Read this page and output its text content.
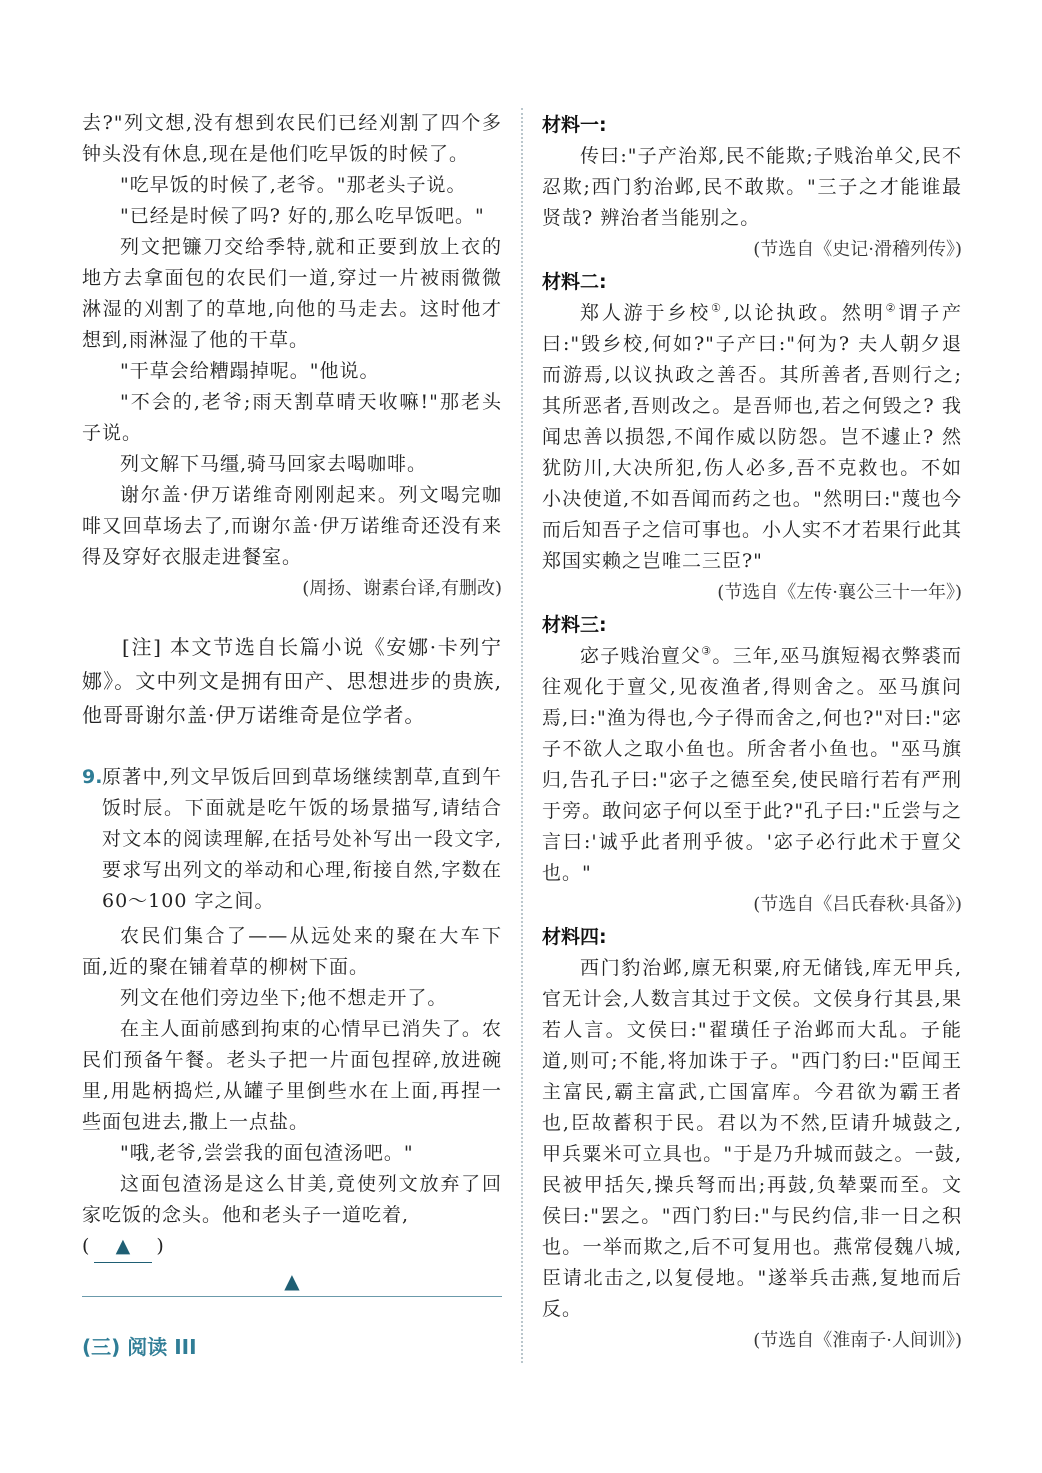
去?"列文想,没有想到农民们已经刈割了四个多钟头没有休息,现在是他们吃早饭的时候了。

"吃早饭的时候了,老爷。"那老头子说。

"已经是时候了吗? 好的,那么吃早饭吧。"

列文把镰刀交给季特,就和正要到放上衣的地方去拿面包的农民们一道,穿过一片被雨微微淋湿的刈割了的草地,向他的马走去。这时他才想到,雨淋湿了他的干草。

"干草会给糟蹋掉呢。"他说。

"不会的,老爷;雨天割草晴天收嘛!"那老头子说。

列文解下马缰,骑马回家去喝咖啡。

谢尔盖·伊万诺维奇刚刚起来。列文喝完咖啡又回草场去了,而谢尔盖·伊万诺维奇还没有来得及穿好衣服走进餐室。

(周扬、谢素台译,有删改)

[注] 本文节选自长篇小说《安娜·卡列宁娜》。文中列文是拥有田产、思想进步的贵族,他哥哥谢尔盖·伊万诺维奇是位学者。

9. 原著中,列文早饭后回到草场继续割草,直到午饭时辰。下面就是吃午饭的场景描写,请结合对文本的阅读理解,在括号处补写出一段文字,要求写出列文的举动和心理,衔接自然,字数在 60～100 字之间。

农民们集合了——从远处来的聚在大车下面,近的聚在铺着草的柳树下面。

列文在他们旁边坐下;他不想走开了。

在主人面前感到拘束的心情早已消失了。农民们预备午餐。老头子把一片面包捏碎,放进碗里,用匙柄捣烂,从罐子里倒些水在上面,再捏一些面包进去,撒上一点盐。

"哦,老爷,尝尝我的面包渣汤吧。"

这面包渣汤是这么甘美,竟使列文放弃了回家吃饭的念头。他和老头子一道吃着,

( ▲ )

▲
(三) 阅读 III

材料一:

传曰:"子产治郑,民不能欺;子贱治单父,民不忍欺;西门豹治邺,民不敢欺。"三子之才能谁最贤哉? 辨治者当能别之。

(节选自《史记·滑稽列传》)

材料二:

郑人游于乡校①,以论执政。然明②谓子产曰:"毁乡校,何如?"子产曰:"何为? 夫人朝夕退而游焉,以议执政之善否。其所善者,吾则行之;其所恶者,吾则改之。是吾师也,若之何毁之? 我闻忠善以损怨,不闻作威以防怨。岂不遽止? 然犹防川,大决所犯,伤人必多,吾不克救也。不如小决使道,不如吾闻而药之也。"然明曰:"蔑也今而后知吾子之信可事也。小人实不才若果行此其郑国实赖之岂唯二三臣?"

(节选自《左传·襄公三十一年》)

材料三:

宓子贱治亶父③。三年,巫马旗短褐衣弊裘而往观化于亶父,见夜渔者,得则舍之。巫马旗问焉,曰:"渔为得也,今子得而舍之,何也?"对曰:"宓子不欲人之取小鱼也。所舍者小鱼也。"巫马旗归,告孔子曰:"宓子之德至矣,使民暗行若有严刑于旁。敢问宓子何以至于此?"孔子曰:"丘尝与之言曰:'诚乎此者刑乎彼。'宓子必行此术于亶父也。"

(节选自《吕氏春秋·具备》)

材料四:

西门豹治邺,廪无积粟,府无储钱,库无甲兵,官无计会,人数言其过于文侯。文侯身行其县,果若人言。文侯曰:"翟璜任子治邺而大乱。子能道,则可;不能,将加诛于子。"西门豹曰:"臣闻王主富民,霸主富武,亡国富库。今君欲为霸王者也,臣故蓄积于民。君以为不然,臣请升城鼓之,甲兵粟米可立具也。"于是乃升城而鼓之。一鼓,民被甲括矢,操兵弩而出;再鼓,负辇粟而至。文侯曰:"罢之。"西门豹曰:"与民约信,非一日之积也。一举而欺之,后不可复用也。燕常侵魏八城,臣请北击之,以复侵地。"遂举兵击燕,复地而后反。

(节选自《淮南子·人间训》)
